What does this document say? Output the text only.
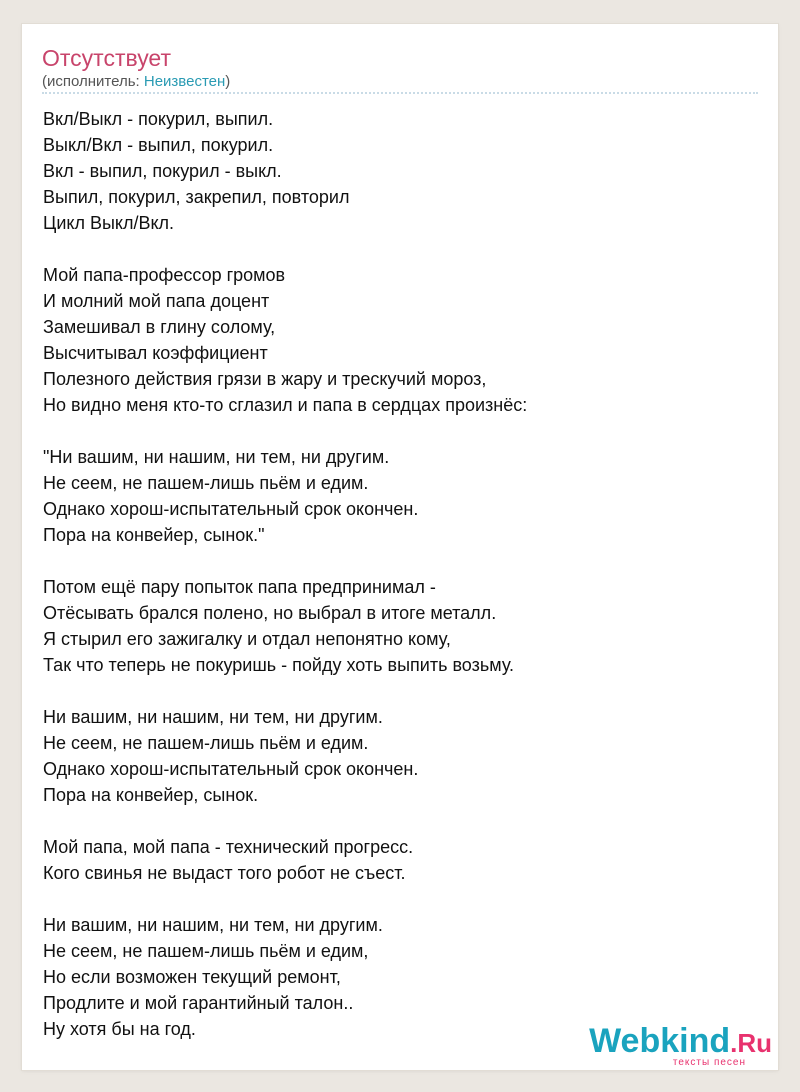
Отсутствует
(исполнитель: Неизвестен)
Вкл/Выкл - покурил, выпил.
Выкл/Вкл - выпил, покурил.
Вкл - выпил, покурил - выкл.
Выпил, покурил, закрепил, повторил
Цикл Выкл/Вкл.
Мой папа-профессор громов
И молний мой папа доцент
Замешивал в глину солому,
Высчитывал коэффициент
Полезного действия грязи в жару и трескучий мороз,
Но видно меня кто-то сглазил и папа в сердцах произнёс:
"Ни вашим, ни нашим, ни тем, ни другим.
Не сеем, не пашем-лишь пьём и едим.
Однако хорош-испытательный срок окончен.
Пора на конвейер, сынок."
Потом ещё пару попыток папа предпринимал -
Отёсывать брался полено, но выбрал в итоге металл.
Я стырил его зажигалку и отдал непонятно кому,
Так что теперь не покуришь - пойду хоть выпить возьму.
Ни вашим, ни нашим, ни тем, ни другим.
Не сеем, не пашем-лишь пьём и едим.
Однако хорош-испытательный срок окончен.
Пора на конвейер, сынок.
Мой папа, мой папа - технический прогресс.
Кого свинья не выдаст того робот не съест.
Ни вашим, ни нашим, ни тем, ни другим.
Не сеем, не пашем-лишь пьём и едим,
Но если возможен текущий ремонт,
Продлите и мой гарантийный талон..
Ну хотя бы на год.	Webkind.Ru
тексты песен
